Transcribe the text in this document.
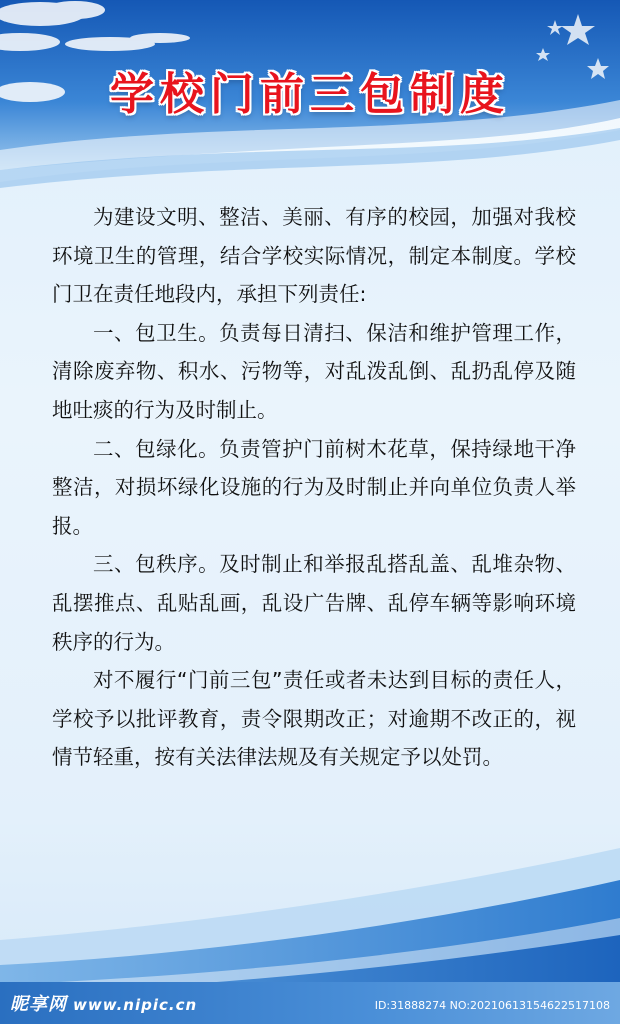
学校门前三包制度

为建设文明、整洁、美丽、有序的校园，加强对我校环境卫生的管理，结合学校实际情况，制定本制度。学校门卫在责任地段内，承担下列责任:

一、包卫生。负责每日清扫、保洁和维护管理工作，清除废弃物、积水、污物等，对乱泼乱倒、乱扔乱停及随地吐痰的行为及时制止。

二、包绿化。负责管护门前树木花草，保持绿地干净整洁，对损坏绿化设施的行为及时制止并向单位负责人举报。

三、包秩序。及时制止和举报乱搭乱盖、乱堆杂物、乱摆推点、乱贴乱画，乱设广告牌、乱停车辆等影响环境秩序的行为。

对不履行“门前三包”责任或者未达到目标的责任人，学校予以批评教育，责令限期改正；对逾期不改正的，视情节轻重，按有关法律法规及有关规定予以处罚。

昵享网 www.nipic.cn	ID:31888274 NO:20210613154622517108
